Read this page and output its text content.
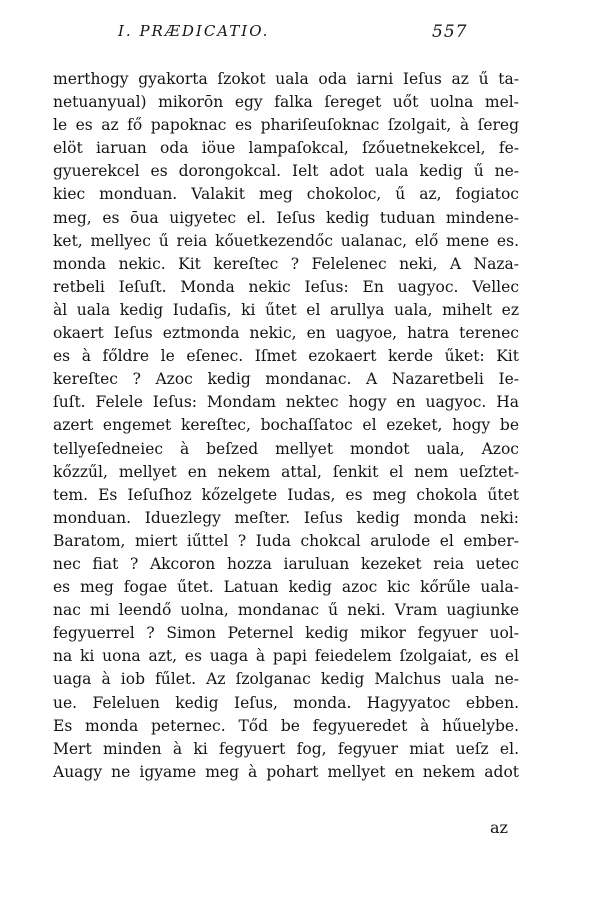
I. PRÆDICATIO.	557
merthogy gyakorta ſzokot uala oda iarni Ieſus az ű ta-
netuanyual) mikorōn egy falka ſereget uőt uolna mel-
le es az fő papoknac es phariſeuſoknac ſzolgait, à ſereg
elöt iaruan oda iöue lampaſokcal, ſzőuetnekekcel, fe-
gyuerekcel es dorongokcal. Ielt adot uala kedig ű ne-
kiec monduan. Valakit meg chokoloc, ű az, fogiatoc
meg, es ōua uigyetec el. Ieſus kedig tuduan mindene-
ket, mellyec ű reia kőuetkezendőc ualanac, elő mene es.
monda nekic. Kit kereſtec ? Felelenec neki, A Naza-
retbeli Ieſuſt. Monda nekic Ieſus: En uagyoc. Vellec
àl uala kedig Iudaſis, ki űtet el arullya uala, mihelt ez
okaert Ieſus eztmonda nekic, en uagyoe, hatra terenec
es à főldre le eſenec. Iſmet ezokaert kerde űket: Kit
kereſtec ? Azoc kedig mondanac. A Nazaretbeli Ie-
ſuſt. Felele Ieſus: Mondam nektec hogy en uagyoc. Ha
azert engemet kereſtec, bochaſſatoc el ezeket, hogy be
tellyeſedneiec à beſzed mellyet mondot uala, Azoc
kőzzűl, mellyet en nekem attal, ſenkit el nem ueſztet-
tem. Es Ieſuſhoz kőzelgete Iudas, es meg chokola űtet
monduan. Iduezlegy meſter. Ieſus kedig monda neki:
Baratom, miert iűttel ? Iuda chokcal arulode el ember-
nec fiat ? Akcoron hozza iaruluan kezeket reia uetec
es meg fogae űtet. Latuan kedig azoc kic kőrűle uala-
nac mi leendő uolna, mondanac ű neki. Vram uagiunke
fegyuerrel ? Simon Peternel kedig mikor fegyuer uol-
na ki uona azt, es uaga à papi feiedelem ſzolgaiat, es el
uaga à iob fűlet. Az ſzolganac kedig Malchus uala ne-
ue. Feleluen kedig Ieſus, monda. Hagyyatoc ebben.
Es monda peternec. Tőd be fegyueredet à hűuelybe.
Mert minden à ki fegyuert fog, fegyuer miat ueſz el.
Auagy ne igyame meg à pohart mellyet en nekem adot
az
